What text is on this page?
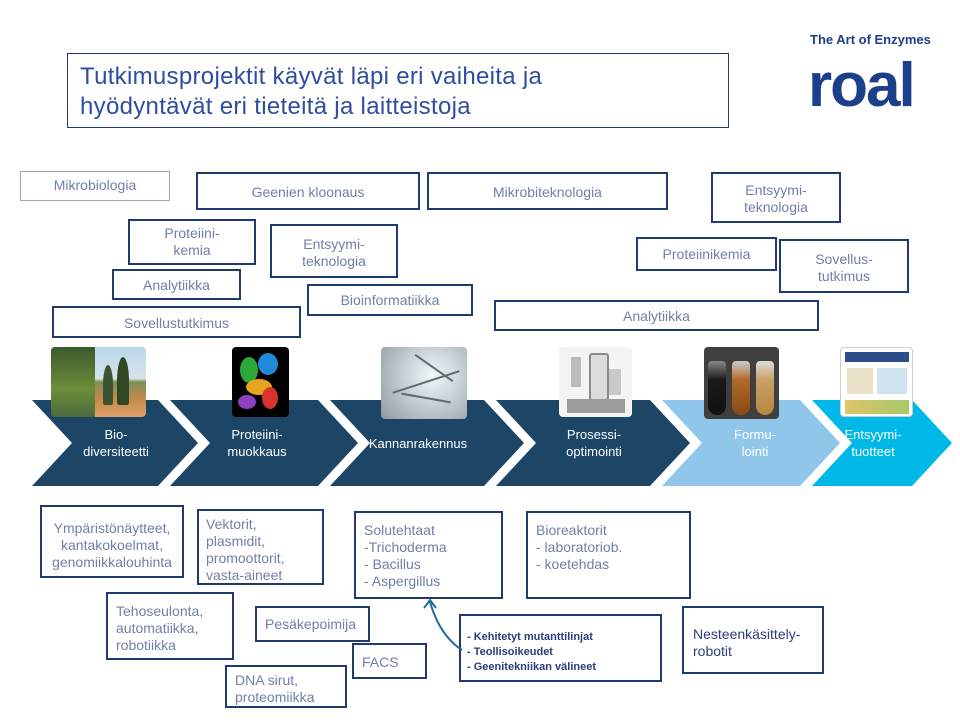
Tutkimusprojektit käyvät läpi eri vaiheita ja
hyödyntävät eri tieteitä ja laitteistoja
The Art of Enzymes
roal
Mikrobiologia	Geenien kloonaus	Mikrobiteknologia	Entsyymi-
teknologia
Proteiini-
kemia	Entsyymi-
teknologia	Proteiinikemia	Sovellus-
tutkimus
Analytiikka
Bioinformatiikka
Sovellustutkimus	Analytiikka
Bio-
diversiteetti
Proteiini-
muokkaus
Kannanrakennus
Prosessi-
optimointi
Formu-
lointi
Entsyymi-
tuotteet
Ympäristönäytteet,
kantakokoelmat,
genomiikkalouhinta
Vektorit,
plasmidit,
promoottorit,
vasta-aineet
Solutehtaat
-Trichoderma
- Bacillus
- Aspergillus
Bioreaktorit
- laboratoriob.
- koetehdas
Tehoseulonta,
automatiikka,
robotiikka
Pesäkepoimija
FACS
DNA sirut,
proteomiikka
- Kehitetyt mutanttilinjat
- Teollisoikeudet
- Geenitekniikan välineet
Nesteenkäsittely-
robotit
